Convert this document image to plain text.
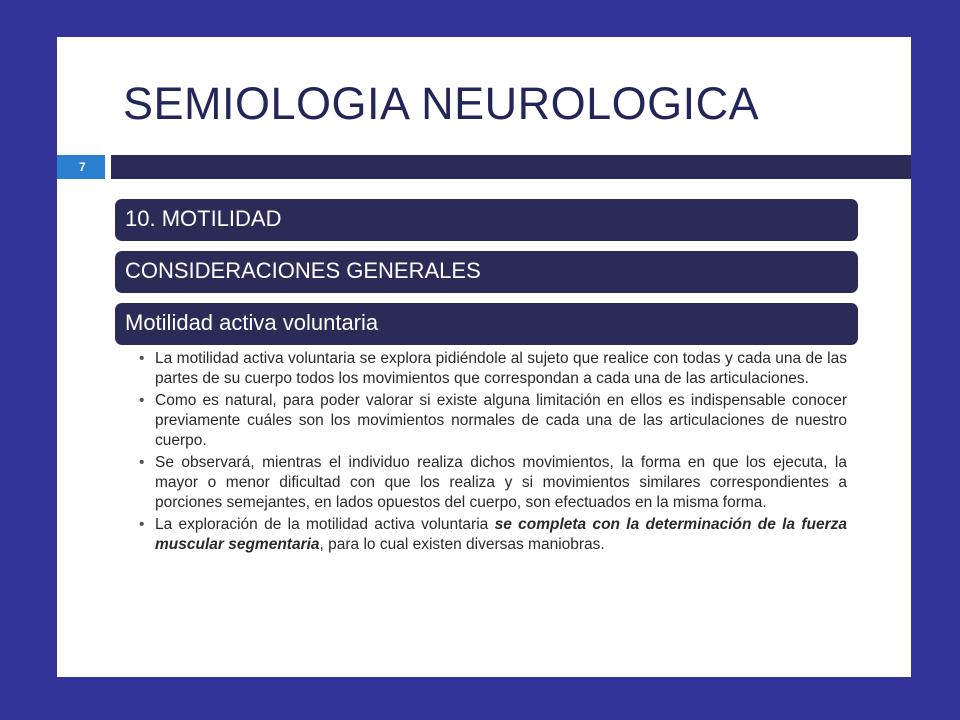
SEMIOLOGIA NEUROLOGICA
7
10. MOTILIDAD
CONSIDERACIONES GENERALES
Motilidad activa voluntaria
• La motilidad activa voluntaria se explora pidiéndole al sujeto que realice con todas y cada una de las partes de su cuerpo todos los movimientos que correspondan a cada una de las articulaciones.
• Como es natural, para poder valorar si existe alguna limitación en ellos es indispensable conocer previamente cuáles son los movimientos normales de cada una de las articulaciones de nuestro cuerpo.
• Se observará, mientras el individuo realiza dichos movimientos, la forma en que los ejecuta, la mayor o menor dificultad con que los realiza y si movimientos similares correspondientes a porciones semejantes, en lados opuestos del cuerpo, son efectuados en la misma forma.
• La exploración de la motilidad activa voluntaria se completa con la determinación de la fuerza muscular segmentaria, para lo cual existen diversas maniobras.
